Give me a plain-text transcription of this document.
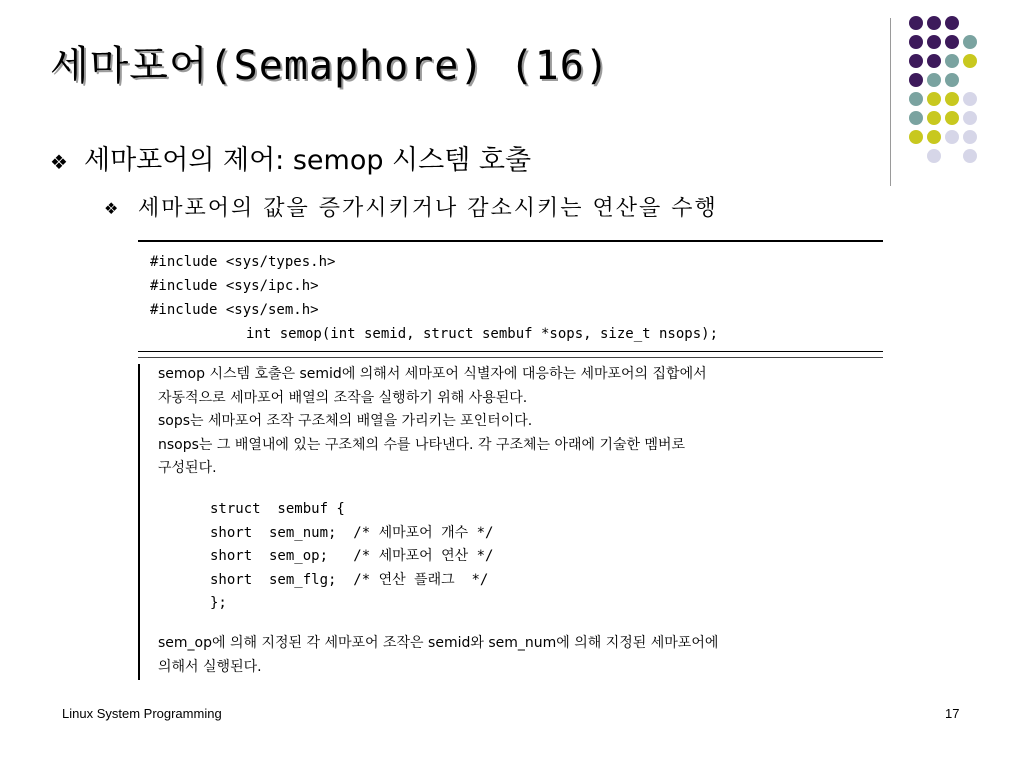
세마포어(Semaphore) (16)
❖ 세마포어의 제어: semop 시스템 호출
❖ 세마포어의 값을 증가시키거나 감소시키는 연산을 수행
#include <sys/types.h>
#include <sys/ipc.h>
#include <sys/sem.h>
int semop(int semid, struct sembuf *sops, size_t nsops);
semop 시스템 호출은 semid에 의해서 세마포어 식별자에 대응하는 세마포어의 집합에서
자동적으로 세마포어 배열의 조작을 실행하기 위해 사용된다.
sops는 세마포어 조작 구조체의 배열을 가리키는 포인터이다.
nsops는 그 배열내에 있는 구조체의 수를 나타낸다. 각 구조체는 아래에 기술한 멤버로
구성된다.
struct  sembuf {
short  sem_num;  /* 세마포어 개수 */
short  sem_op;   /* 세마포어 연산 */
short  sem_flg;  /* 연산 플래그  */
};
sem_op에 의해 지정된 각 세마포어 조작은 semid와 sem_num에 의해 지정된 세마포어에
의해서 실행된다.
Linux System Programming	17
